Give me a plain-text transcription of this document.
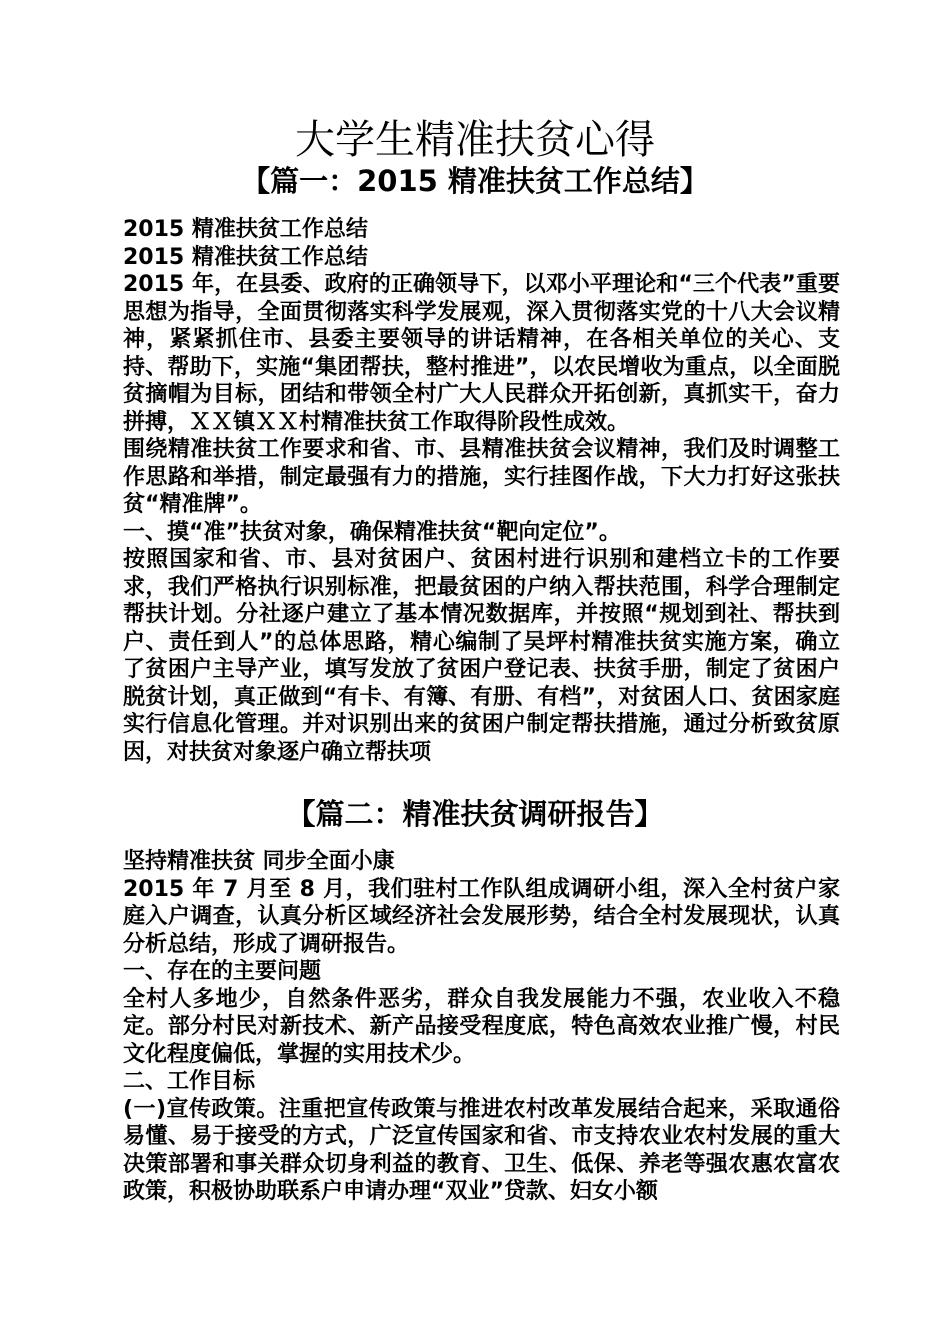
大学生精准扶贫心得
【篇一：2015 精准扶贫工作总结】

2015 精准扶贫工作总结

2015 精准扶贫工作总结

2015 年，在县委、政府的正确领导下，以邓小平理论和“三个代表”重要思想为指导，全面贯彻落实科学发展观，深入贯彻落实党的十八大会议精神，紧紧抓住市、县委主要领导的讲话精神，在各相关单位的关心、支持、帮助下，实施“集团帮扶，整村推进”，以农民增收为重点，以全面脱贫摘帽为目标，团结和带领全村广大人民群众开拓创新，真抓实干，奋力拼搏，ＸＸ镇ＸＸ村精准扶贫工作取得阶段性成效。

围绕精准扶贫工作要求和省、市、县精准扶贫会议精神，我们及时调整工作思路和举措，制定最强有力的措施，实行挂图作战，下大力打好这张扶贫“精准牌”。

一、摸“准”扶贫对象，确保精准扶贫“靶向定位”。

按照国家和省、市、县对贫困户、贫困村进行识别和建档立卡的工作要求，我们严格执行识别标准，把最贫困的户纳入帮扶范围，科学合理制定帮扶计划。分社逐户建立了基本情况数据库，并按照“规划到社、帮扶到户、责任到人”的总体思路，精心编制了吴坪村精准扶贫实施方案，确立了贫困户主导产业，填写发放了贫困户登记表、扶贫手册，制定了贫困户脱贫计划，真正做到“有卡、有簿、有册、有档”，对贫困人口、贫困家庭实行信息化管理。并对识别出来的贫困户制定帮扶措施，通过分析致贫原因，对扶贫对象逐户确立帮扶项

【篇二：精准扶贫调研报告】

坚持精准扶贫 同步全面小康

2015 年 7 月至 8 月，我们驻村工作队组成调研小组，深入全村贫户家庭入户调查，认真分析区域经济社会发展形势，结合全村发展现状，认真分析总结，形成了调研报告。

一、存在的主要问题

全村人多地少，自然条件恶劣，群众自我发展能力不强，农业收入不稳定。部分村民对新技术、新产品接受程度底，特色高效农业推广慢，村民文化程度偏低，掌握的实用技术少。

二、工作目标

(一)宣传政策。注重把宣传政策与推进农村改革发展结合起来，采取通俗易懂、易于接受的方式，广泛宣传国家和省、市支持农业农村发展的重大决策部署和事关群众切身利益的教育、卫生、低保、养老等强农惠农富农政策，积极协助联系户申请办理“双业”贷款、妇女小额
